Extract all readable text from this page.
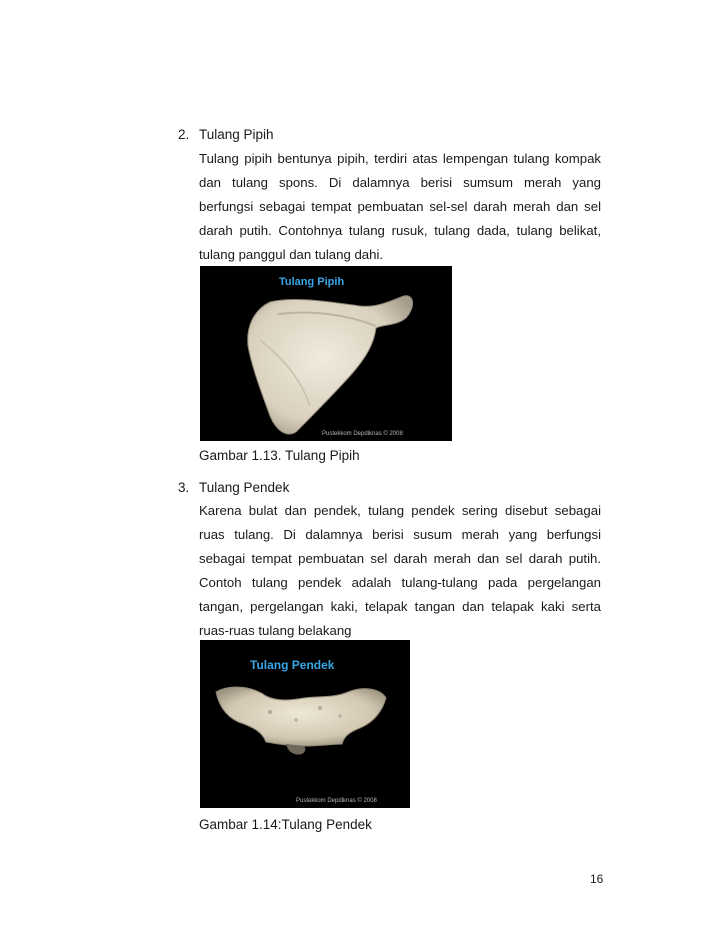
2. Tulang Pipih
Tulang pipih bentunya pipih, terdiri atas lempengan tulang kompak
dan tulang spons. Di dalamnya berisi sumsum merah yang
berfungsi sebagai tempat pembuatan sel-sel darah merah dan sel
darah putih. Contohnya tulang rusuk, tulang dada, tulang belikat,
tulang panggul dan tulang dahi.
Tulang Pipih
Pustekkom Depdiknas © 2008
Gambar 1.13. Tulang Pipih
3. Tulang Pendek
Karena bulat dan pendek, tulang pendek sering disebut sebagai
ruas tulang. Di dalamnya berisi susum merah yang berfungsi
sebagai tempat pembuatan sel darah merah dan sel darah putih.
Contoh tulang pendek adalah tulang-tulang pada pergelangan
tangan, pergelangan kaki, telapak tangan dan telapak kaki serta
ruas-ruas tulang belakang
Tulang Pendek
Pustekkom Depdiknas © 2008
Gambar 1.14:Tulang Pendek
16
